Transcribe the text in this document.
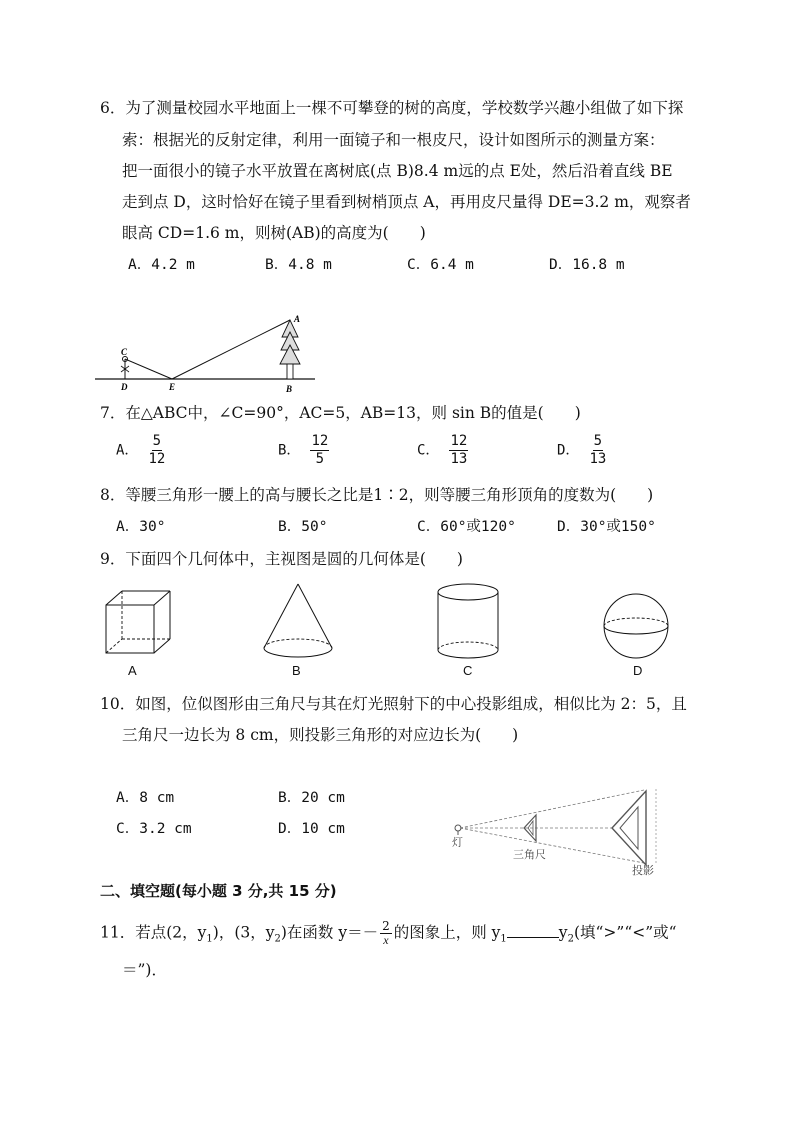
6．为了测量校园水平地面上一棵不可攀登的树的高度，学校数学兴趣小组做了如下探
索：根据光的反射定律，利用一面镜子和一根皮尺，设计如图所示的测量方案：
把一面很小的镜子水平放置在离树底(点 B)8.4 m远的点 E处，然后沿着直线 BE
走到点 D，这时恰好在镜子里看到树梢顶点 A，再用皮尺量得 DE=3.2 m，观察者
眼高 CD=1.6 m，则树(AB)的高度为(　　)
A．4.2 m	B．4.8 m	C．6.4 m	D．16.8 m
A
B
C
D	E
7．在△ABC中，∠C=90°，AC=5，AB=13，则 sin B的值是(　　)
A． $\frac{5}{12}$	B． $\frac{12}{5}$	C． $\frac{12}{13}$	D． $\frac{5}{13}$
8．等腰三角形一腰上的高与腰长之比是1∶2，则等腰三角形顶角的度数为(　　)
A．30°	B．50°	C．60°或120°	D．30°或150°
9．下面四个几何体中，主视图是圆的几何体是(　　)
A	B	C	D
10．如图，位似图形由三角尺与其在灯光照射下的中心投影组成，相似比为 2：5，且
三角尺一边长为 8 cm，则投影三角形的对应边长为(　　)
A．8 cm	B．20 cm
C．3.2 cm	D．10 cm
灯
三角尺
投影
二、填空题(每小题 3 分,共 15 分)
11．若点(2，$y_1$)，(3，$y_2$)在函数 $y=- \frac{2}{x}$ 的图象上，则 $y_1$	$y_2$(填“>”“<”或“
＝”)．
